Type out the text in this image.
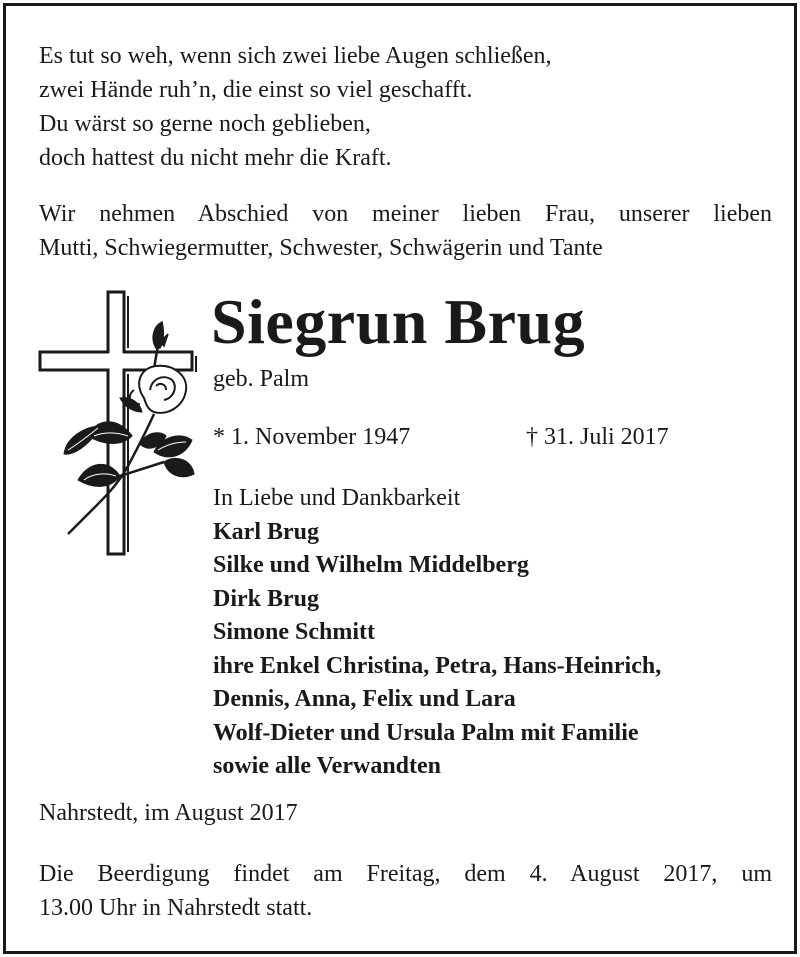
Es tut so weh, wenn sich zwei liebe Augen schließen,
zwei Hände ruh’n, die einst so viel geschafft.
Du wärst so gerne noch geblieben,
doch hattest du nicht mehr die Kraft.
Wir nehmen Abschied von meiner lieben Frau, unserer lieben
Mutti, Schwiegermutter, Schwester, Schwägerin und Tante
Siegrun Brug
geb. Palm
* 1. November 1947	† 31. Juli 2017
In Liebe und Dankbarkeit
Karl Brug
Silke und Wilhelm Middelberg
Dirk Brug
Simone Schmitt
ihre Enkel Christina, Petra, Hans-Heinrich,
Dennis, Anna, Felix und Lara
Wolf-Dieter und Ursula Palm mit Familie
sowie alle Verwandten
Nahrstedt, im August 2017
Die Beerdigung findet am Freitag, dem 4. August 2017, um
13.00 Uhr in Nahrstedt statt.
